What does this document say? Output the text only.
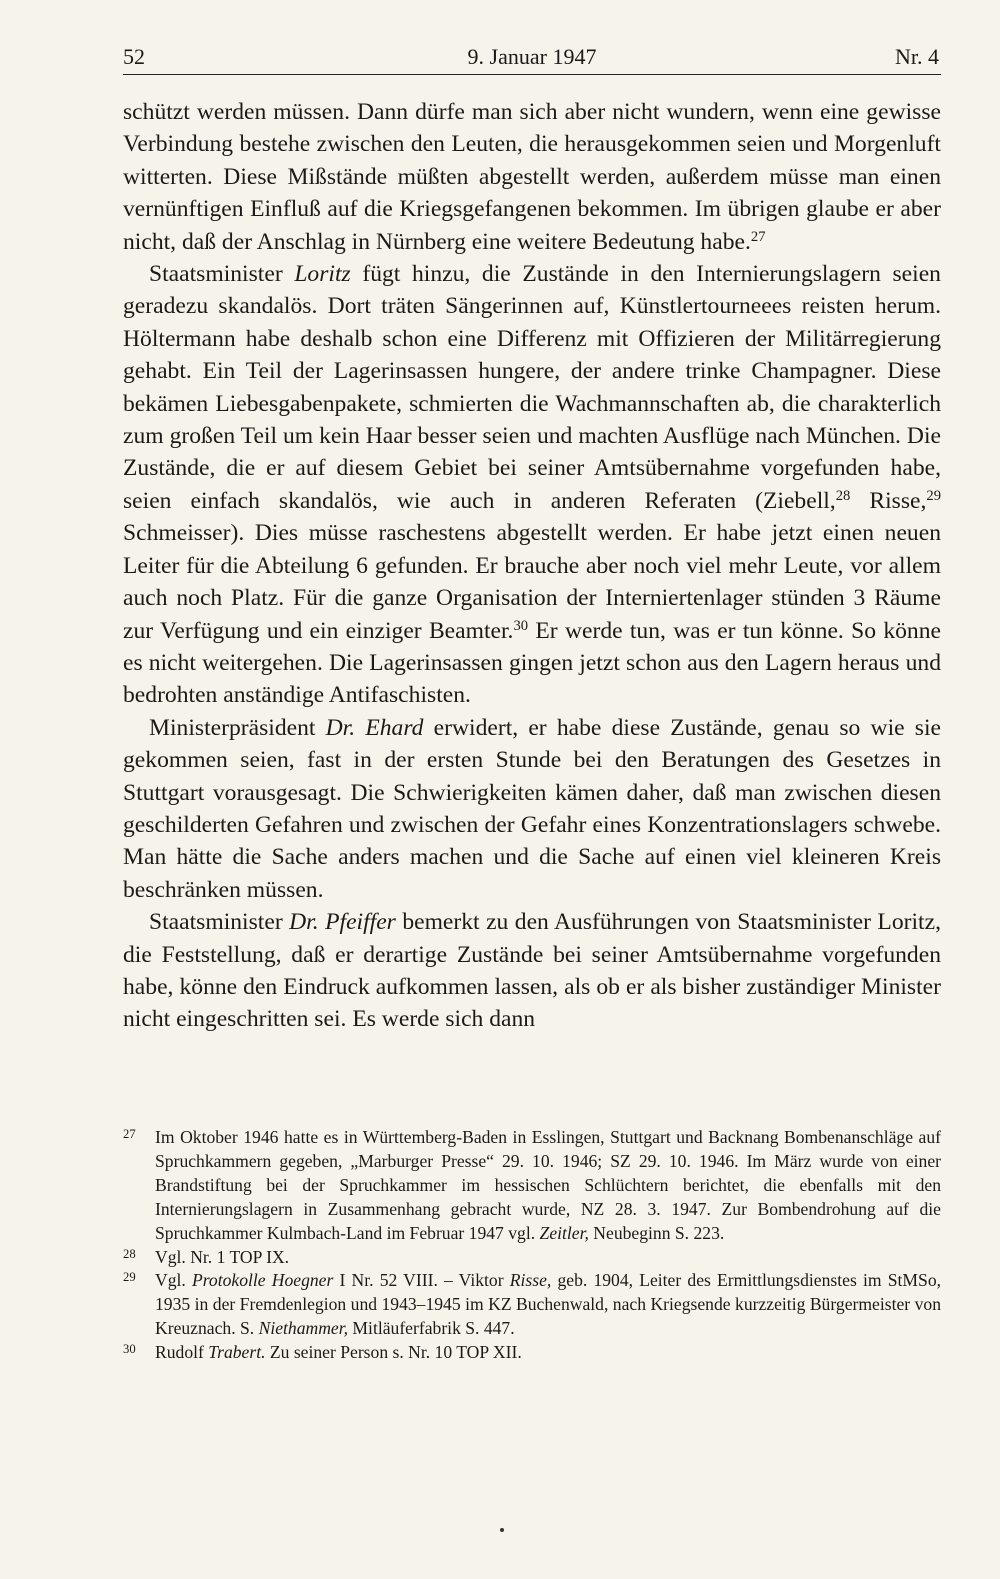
52	9. Januar 1947	Nr. 4

schützt werden müssen. Dann dürfe man sich aber nicht wundern, wenn eine gewisse Verbindung bestehe zwischen den Leuten, die herausgekommen seien und Morgenluft witterten. Diese Mißstände müßten abgestellt werden, außerdem müsse man einen vernünftigen Einfluß auf die Kriegsgefangenen bekommen. Im übrigen glaube er aber nicht, daß der Anschlag in Nürnberg eine weitere Bedeutung habe.$^{27}$

Staatsminister Loritz fügt hinzu, die Zustände in den Internierungslagern seien geradezu skandalös. Dort träten Sängerinnen auf, Künstlertourneees reisten herum. Höltermann habe deshalb schon eine Differenz mit Offizieren der Militärregierung gehabt. Ein Teil der Lagerinsassen hungere, der andere trinke Champagner. Diese bekämen Liebesgabenpakete, schmierten die Wachmannschaften ab, die charakterlich zum großen Teil um kein Haar besser seien und machten Ausflüge nach München. Die Zustände, die er auf diesem Gebiet bei seiner Amtsübernahme vorgefunden habe, seien einfach skandalös, wie auch in anderen Referaten (Ziebell,$^{28}$ Risse,$^{29}$ Schmeisser). Dies müsse raschestens abgestellt werden. Er habe jetzt einen neuen Leiter für die Abteilung 6 gefunden. Er brauche aber noch viel mehr Leute, vor allem auch noch Platz. Für die ganze Organisation der Interniertenlager stünden 3 Räume zur Verfügung und ein einziger Beamter.$^{30}$ Er werde tun, was er tun könne. So könne es nicht weitergehen. Die Lagerinsassen gingen jetzt schon aus den Lagern heraus und bedrohten anständige Antifaschisten.

Ministerpräsident Dr. Ehard erwidert, er habe diese Zustände, genau so wie sie gekommen seien, fast in der ersten Stunde bei den Beratungen des Gesetzes in Stuttgart vorausgesagt. Die Schwierigkeiten kämen daher, daß man zwischen diesen geschilderten Gefahren und zwischen der Gefahr eines Konzentrationslagers schwebe. Man hätte die Sache anders machen und die Sache auf einen viel kleineren Kreis beschränken müssen.

Staatsminister Dr. Pfeiffer bemerkt zu den Ausführungen von Staatsminister Loritz, die Feststellung, daß er derartige Zustände bei seiner Amtsübernahme vorgefunden habe, könne den Eindruck aufkommen lassen, als ob er als bisher zuständiger Minister nicht eingeschritten sei. Es werde sich dann

27 Im Oktober 1946 hatte es in Württemberg-Baden in Esslingen, Stuttgart und Backnang Bombenanschläge auf Spruchkammern gegeben, „Marburger Presse“ 29. 10. 1946; SZ 29. 10. 1946. Im März wurde von einer Brandstiftung bei der Spruchkammer im hessischen Schlüchtern berichtet, die ebenfalls mit den Internierungslagern in Zusammenhang gebracht wurde, NZ 28. 3. 1947. Zur Bombendrohung auf die Spruchkammer Kulmbach-Land im Februar 1947 vgl. Zeitler, Neubeginn S. 223.
28 Vgl. Nr. 1 TOP IX.
29 Vgl. Protokolle Hoegner I Nr. 52 VIII. – Viktor Risse, geb. 1904, Leiter des Ermittlungsdienstes im StMSo, 1935 in der Fremdenlegion und 1943–1945 im KZ Buchenwald, nach Kriegsende kurzzeitig Bürgermeister von Kreuznach. S. Niethammer, Mitläuferfabrik S. 447.
30 Rudolf Trabert. Zu seiner Person s. Nr. 10 TOP XII.
